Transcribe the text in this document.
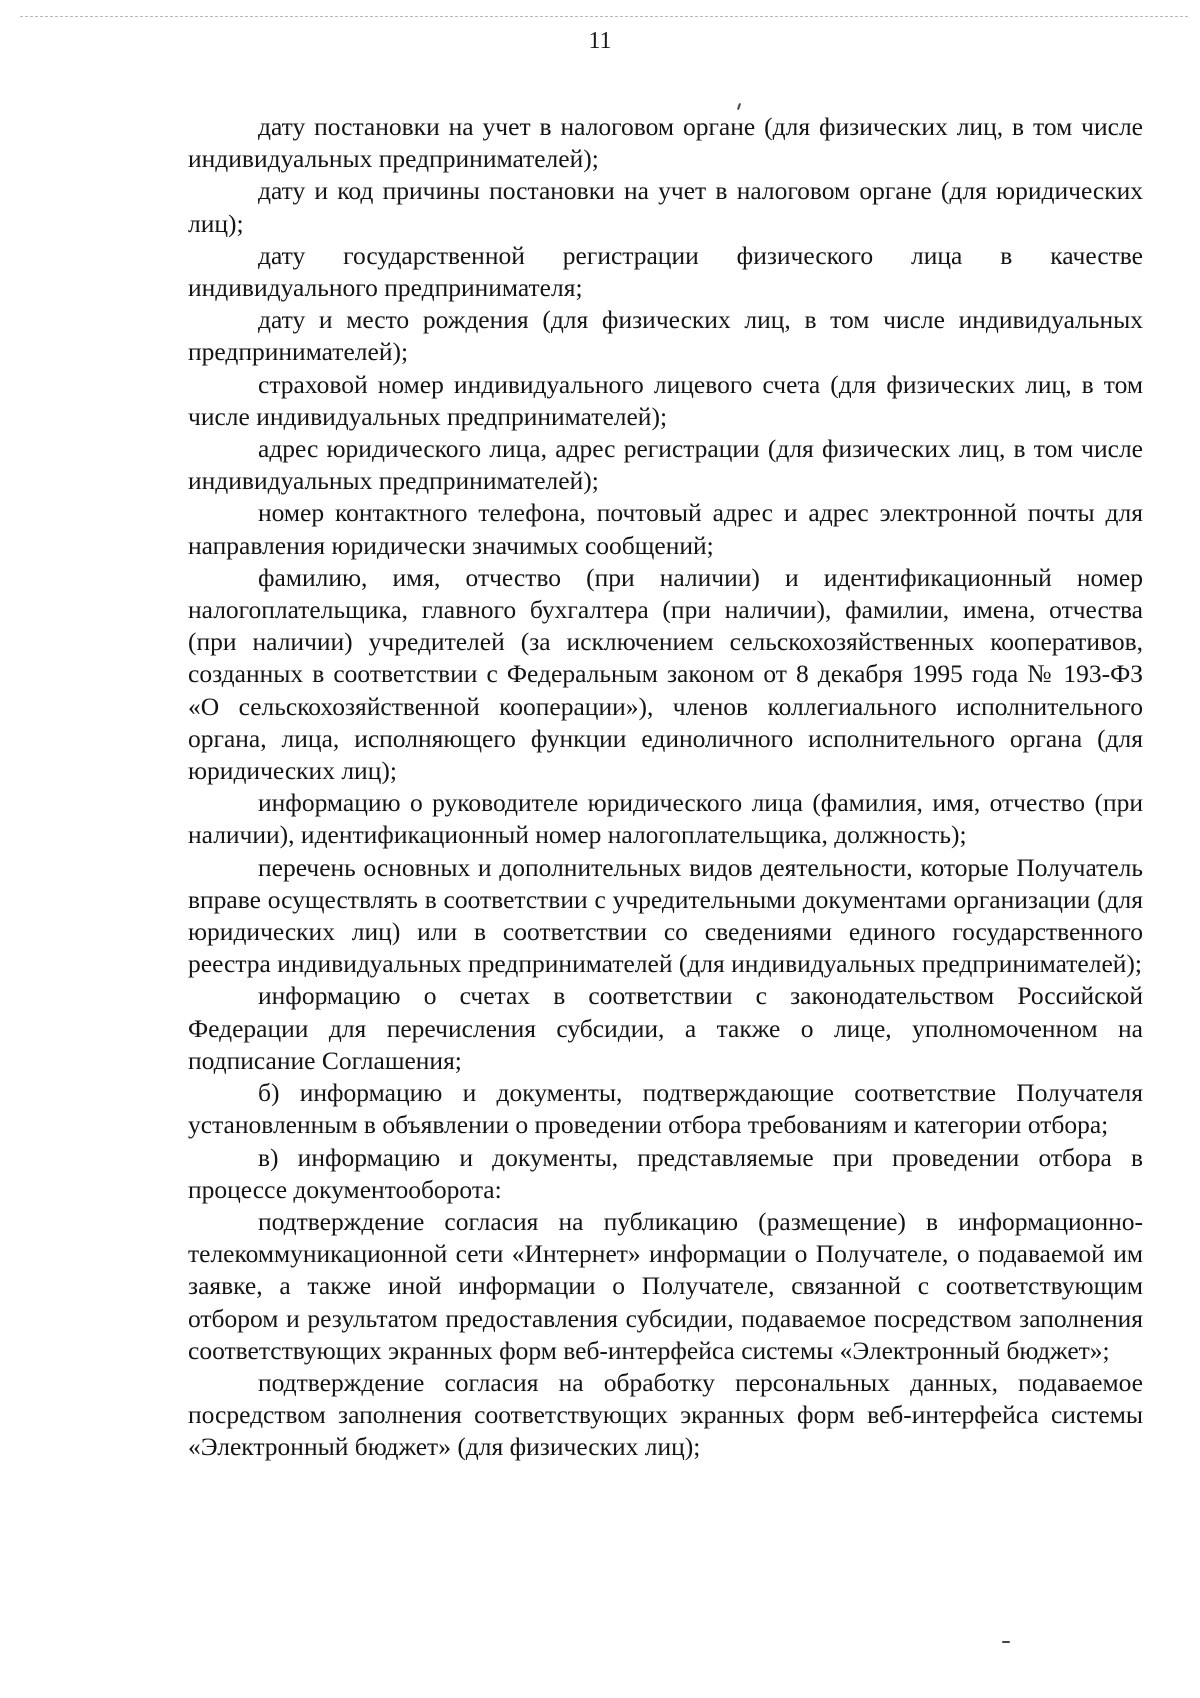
11

дату постановки на учет в налоговом органе (для физических лиц, в том числе индивидуальных предпринимателей);

дату и код причины постановки на учет в налоговом органе (для юридических лиц);

дату государственной регистрации физического лица в качестве индивидуального предпринимателя;

дату и место рождения (для физических лиц, в том числе индивидуальных предпринимателей);

страховой номер индивидуального лицевого счета (для физических лиц, в том числе индивидуальных предпринимателей);

адрес юридического лица, адрес регистрации (для физических лиц, в том числе индивидуальных предпринимателей);

номер контактного телефона, почтовый адрес и адрес электронной почты для направления юридически значимых сообщений;

фамилию, имя, отчество (при наличии) и идентификационный номер налогоплательщика, главного бухгалтера (при наличии), фамилии, имена, отчества (при наличии) учредителей (за исключением сельскохозяйственных кооперативов, созданных в соответствии с Федеральным законом от 8 декабря 1995 года № 193-ФЗ «О сельскохозяйственной кооперации»), членов коллегиального исполнительного органа, лица, исполняющего функции единоличного исполнительного органа (для юридических лиц);

информацию о руководителе юридического лица (фамилия, имя, отчество (при наличии), идентификационный номер налогоплательщика, должность);

перечень основных и дополнительных видов деятельности, которые Получатель вправе осуществлять в соответствии с учредительными документами организации (для юридических лиц) или в соответствии со сведениями единого государственного реестра индивидуальных предпринимателей (для индивидуальных предпринимателей);

информацию о счетах в соответствии с законодательством Российской Федерации для перечисления субсидии, а также о лице, уполномоченном на подписание Соглашения;

б) информацию и документы, подтверждающие соответствие Получателя установленным в объявлении о проведении отбора требованиям и категории отбора;

в) информацию и документы, представляемые при проведении отбора в процессе документооборота:

подтверждение согласия на публикацию (размещение) в информационно-телекоммуникационной сети «Интернет» информации о Получателе, о подаваемой им заявке, а также иной информации о Получателе, связанной с соответствующим отбором и результатом предоставления субсидии, подаваемое посредством заполнения соответствующих экранных форм веб-интерфейса системы «Электронный бюджет»;

подтверждение согласия на обработку персональных данных, подаваемое посредством заполнения соответствующих экранных форм веб-интерфейса системы «Электронный бюджет» (для физических лиц);
